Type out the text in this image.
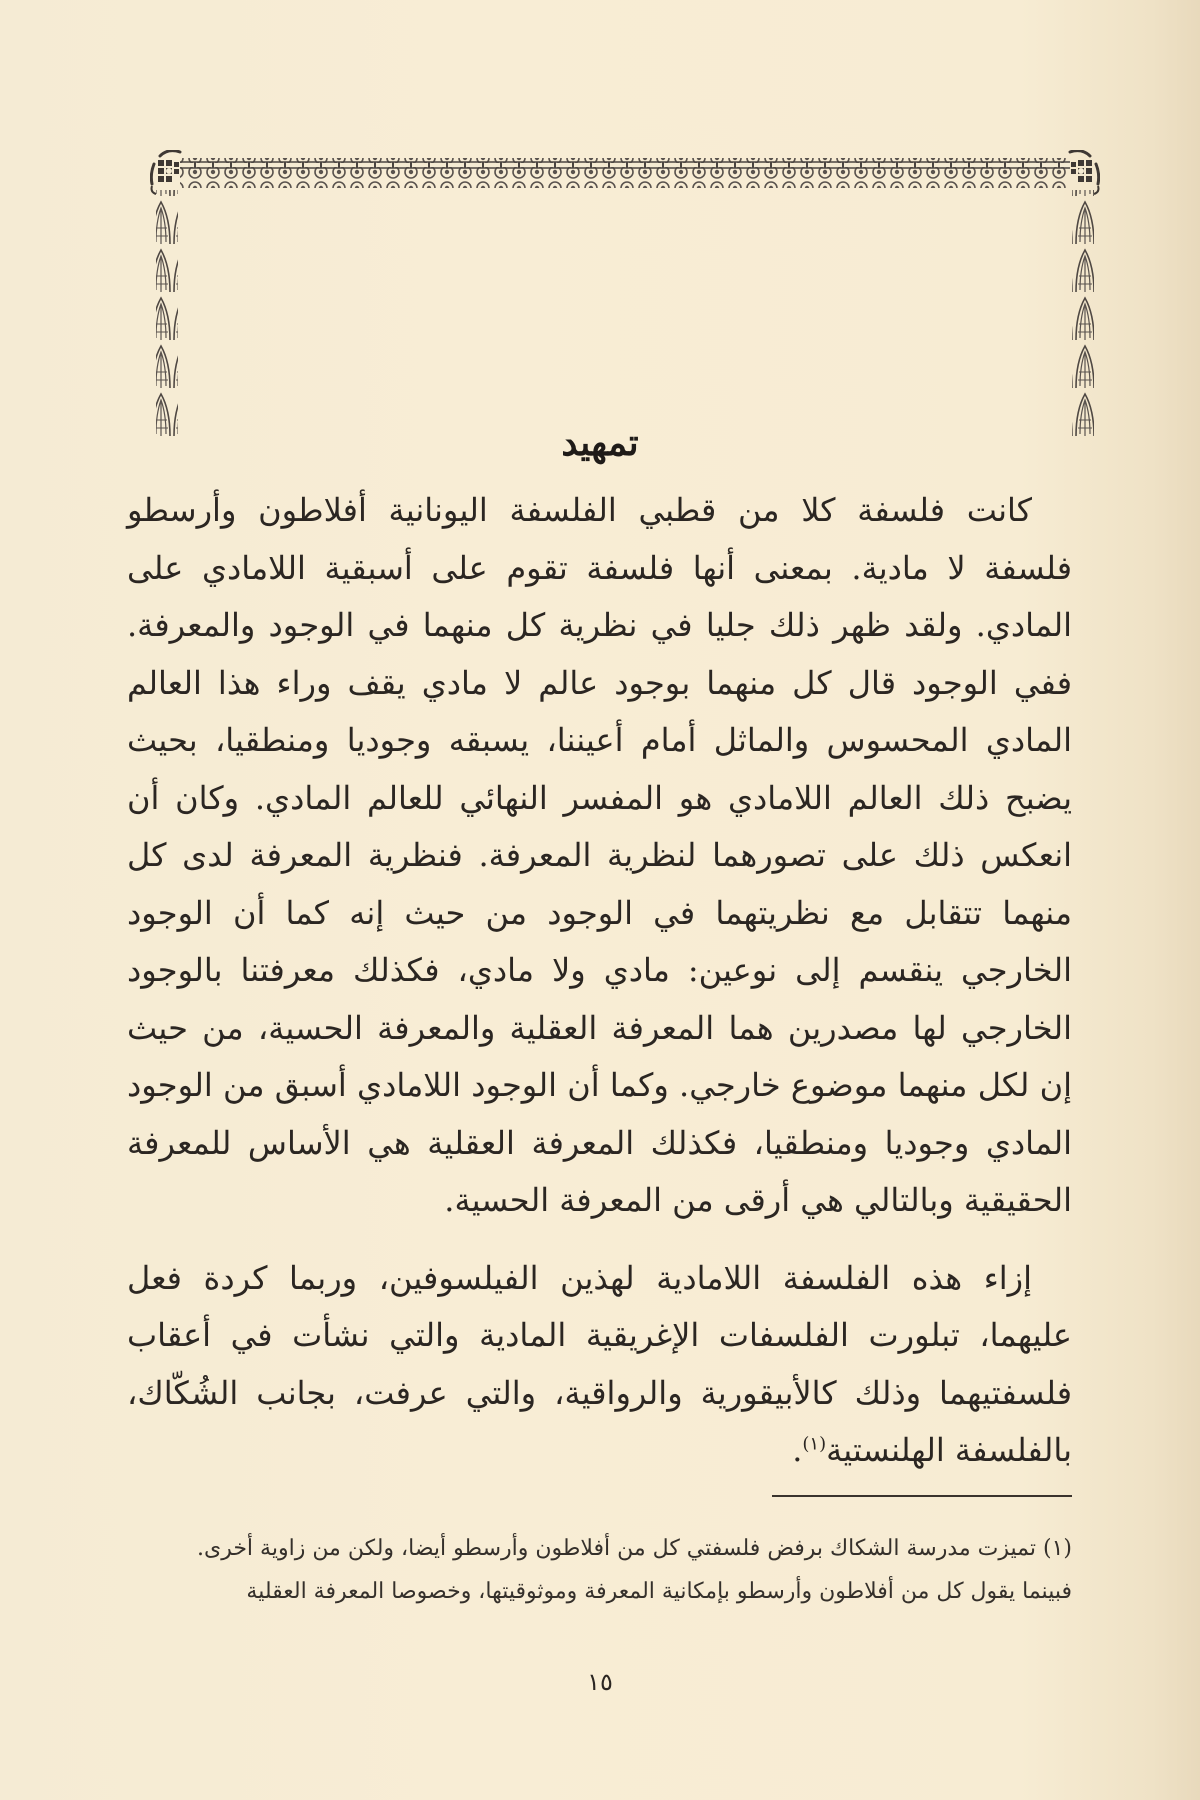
تمهيد

كانت فلسفة كلا من قطبي الفلسفة اليونانية أفلاطون وأرسطو فلسفة لا مادية. بمعنى أنها فلسفة تقوم على أسبقية اللامادي على المادي. ولقد ظهر ذلك جليا في نظرية كل منهما في الوجود والمعرفة. ففي الوجود قال كل منهما بوجود عالم لا مادي يقف وراء هذا العالم المادي المحسوس والماثل أمام أعيننا، يسبقه وجوديا ومنطقيا، بحيث يضبح ذلك العالم اللامادي هو المفسر النهائي للعالم المادي. وكان أن انعكس ذلك على تصورهما لنظرية المعرفة. فنظرية المعرفة لدى كل منهما تتقابل مع نظريتهما في الوجود من حيث إنه كما أن الوجود الخارجي ينقسم إلى نوعين: مادي ولا مادي، فكذلك معرفتنا بالوجود الخارجي لها مصدرين هما المعرفة العقلية والمعرفة الحسية، من حيث إن لكل منهما موضوع خارجي. وكما أن الوجود اللامادي أسبق من الوجود المادي وجوديا ومنطقيا، فكذلك المعرفة العقلية هي الأساس للمعرفة الحقيقية وبالتالي هي أرقى من المعرفة الحسية.

إزاء هذه الفلسفة اللامادية لهذين الفيلسوفين، وربما كردة فعل عليهما، تبلورت الفلسفات الإغريقية المادية والتي نشأت في أعقاب فلسفتيهما وذلك كالأبيقورية والرواقية، والتي عرفت، بجانب الشُكّاك، بالفلسفة الهلنستية$^{(١)}$.

(١) تميزت مدرسة الشكاك برفض فلسفتي كل من أفلاطون وأرسطو أيضا، ولكن من زاوية أخرى.

فبينما يقول كل من أفلاطون وأرسطو بإمكانية المعرفة وموثوقيتها، وخصوصا المعرفة العقلية

١٥
